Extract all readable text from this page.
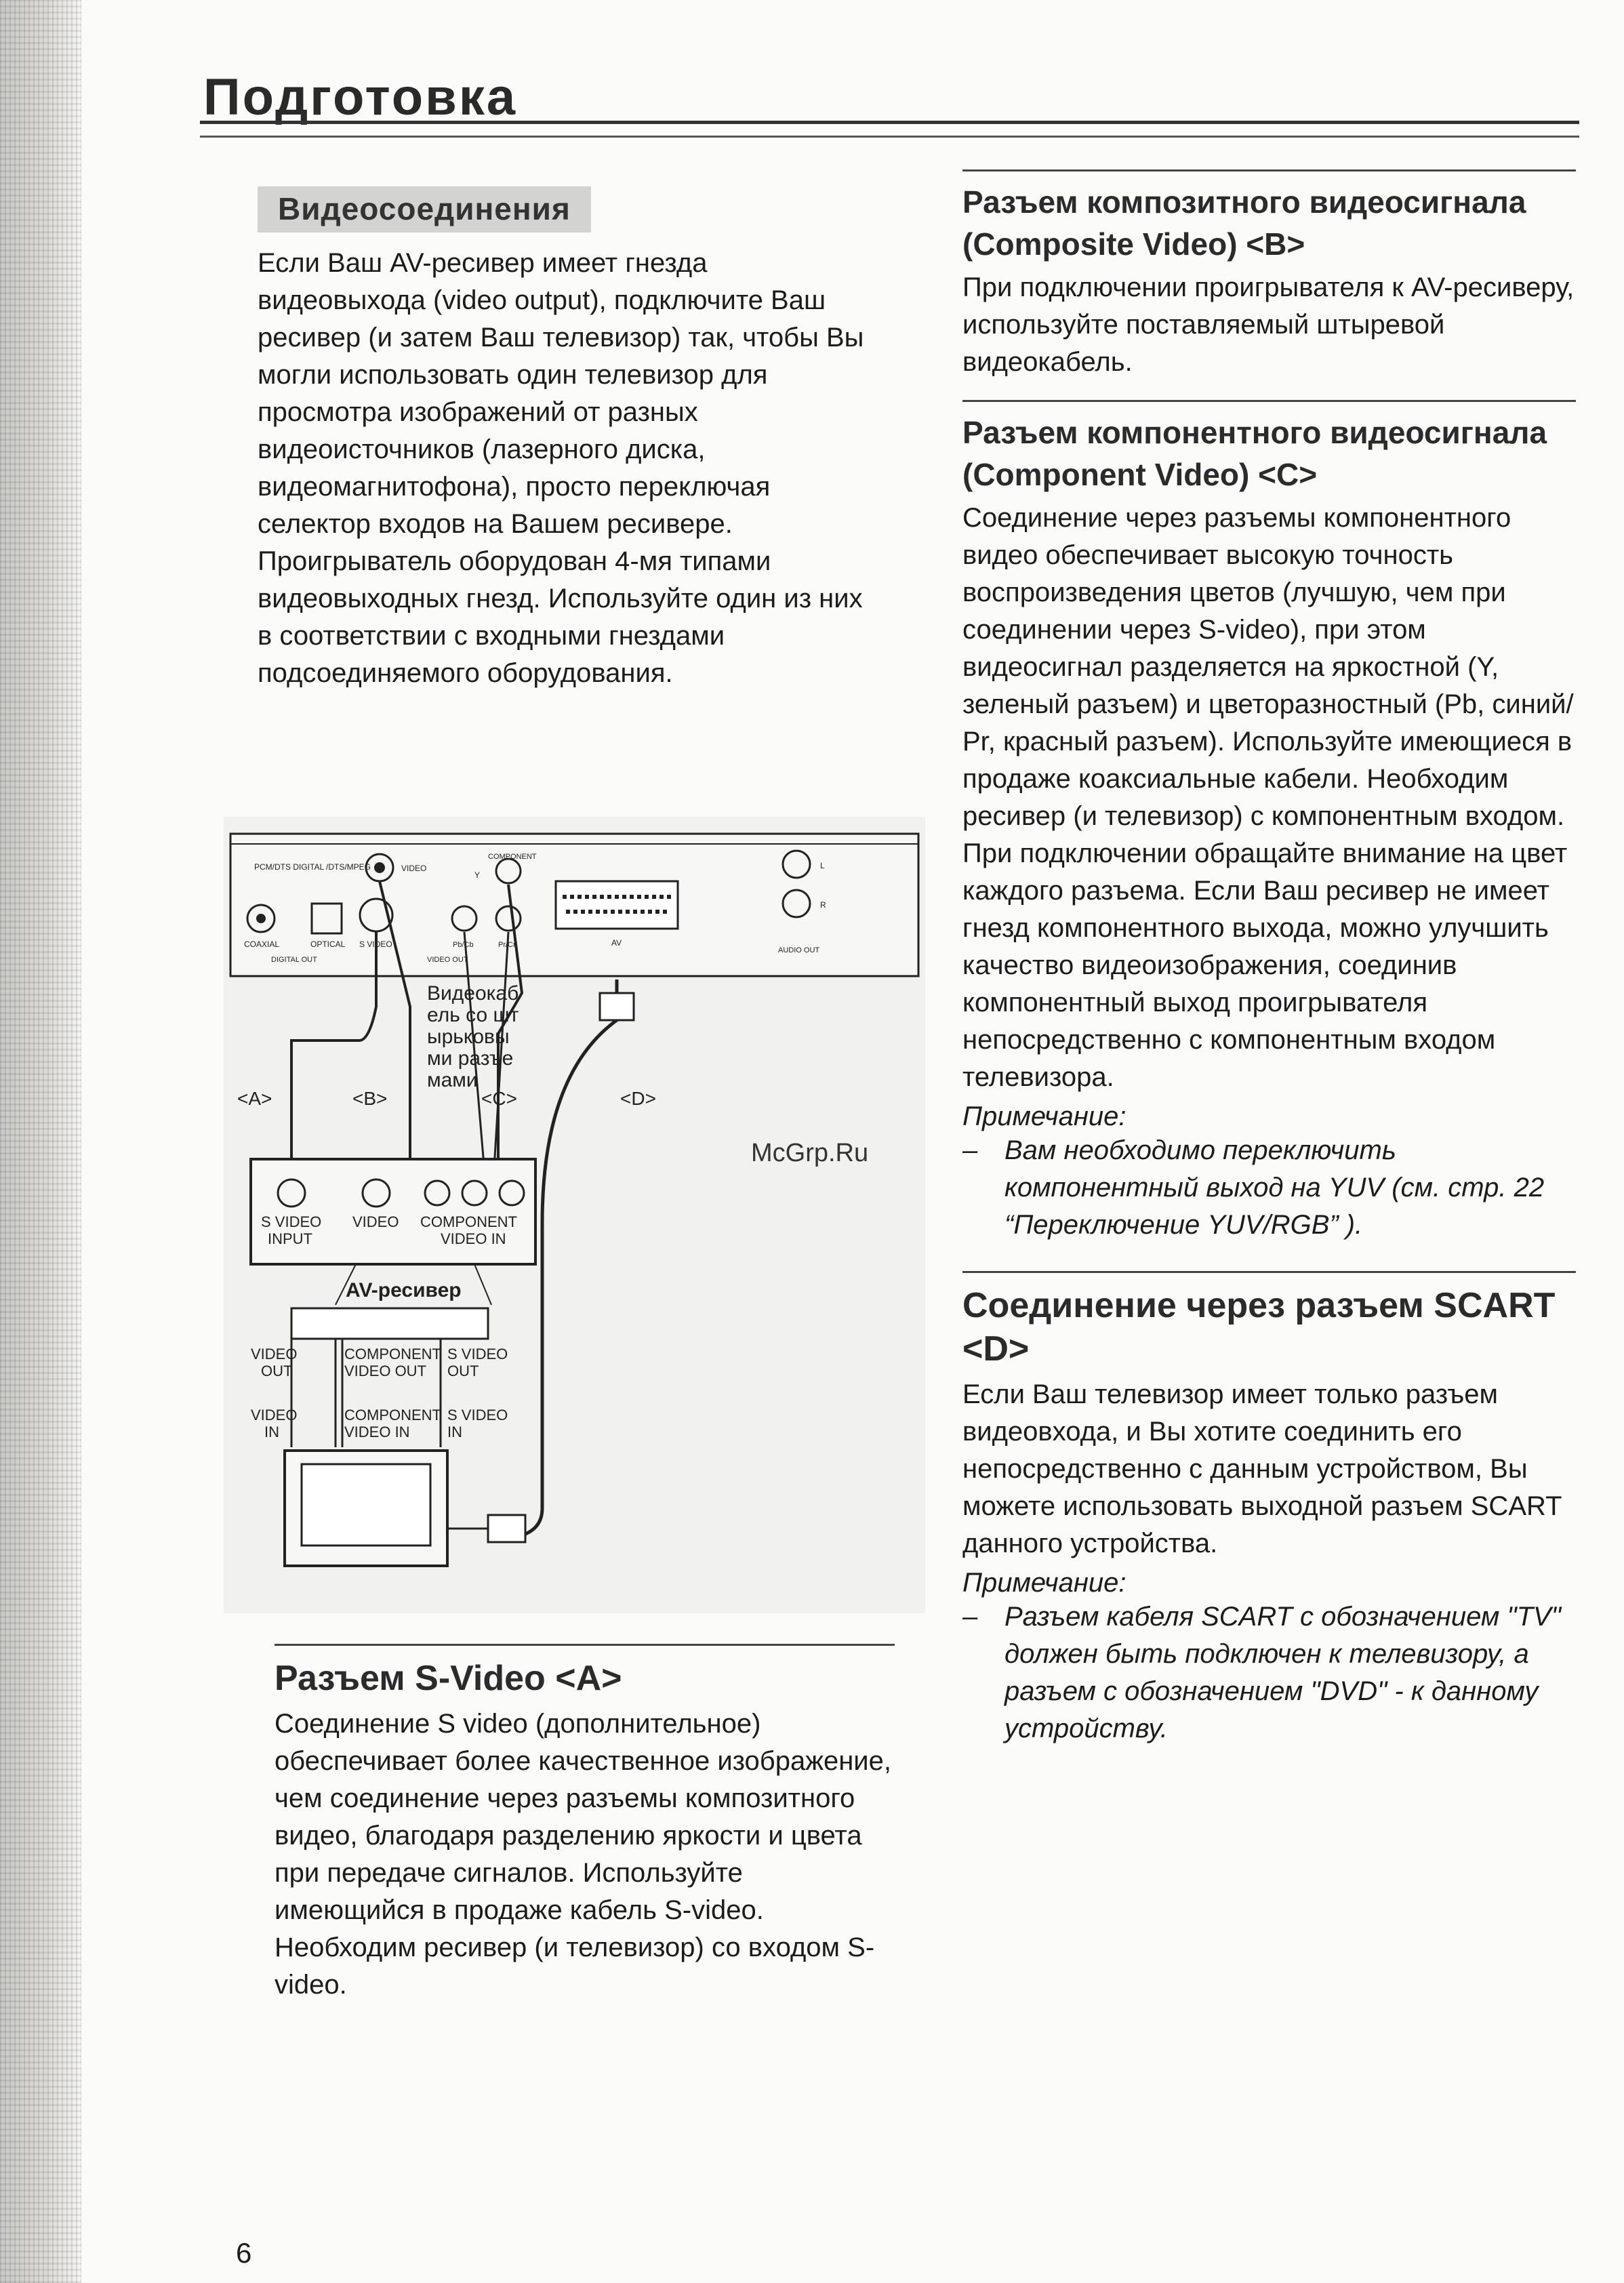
Подготовка
Видеосоединения
Если Ваш AV-ресивер имеет гнезда видеовыхода (video output), подключите Ваш ресивер (и затем Ваш телевизор) так, чтобы Вы могли использовать один телевизор для просмотра изображений от разных видеоисточников (лазерного диска, видеомагнитофона), просто переключая селектор входов на Вашем ресивере.
Проигрыватель оборудован 4-мя типами видеовыходных гнезд. Используйте один из них в соответствии с входными гнездами подсоединяемого оборудования.
PCM/DTS DIGITAL /DTS/MPEG
COAXIAL	OPTICAL
DIGITAL OUT
VIDEO
S VIDEO
COMPONENT
Y
Pb/Cb	Pr/Cr
VIDEO OUT
AV
L
R
AUDIO OUT
Видеокаб
ель со шт
ырьковы
ми разъе
мами
<A>	<B>	<C>	<D>
S VIDEO
INPUT
VIDEO COMPONENT
VIDEO IN
AV-ресивер
VIDEO
OUT
COMPONENT
VIDEO OUT
S VIDEO
OUT
VIDEO
IN
COMPONENT
VIDEO IN
S VIDEO
IN
McGrp.Ru
Разъем S-Video <A>
Соединение S video (дополнительное) обеспечивает более качественное изображение, чем соединение через разъемы композитного видео, благодаря разделению яркости и цвета при передаче сигналов. Используйте имеющийся в продаже кабель S-video. Необходим ресивер (и телевизор) со входом S-video.
Разъем композитного видеосигнала (Composite Video) <B>
При подключении проигрывателя к AV-ресиверу, используйте поставляемый штыревой видеокабель.
Разъем компонентного видеосигнала (Component Video) <C>
Соединение через разъемы компонентного видео обеспечивает высокую точность воспроизведения цветов (лучшую, чем при соединении через S-video), при этом видеосигнал разделяется на яркостной (Y, зеленый разъем) и цветоразностный (Pb, синий/ Pr, красный разъем). Используйте имеющиеся в продаже коаксиальные кабели. Необходим ресивер (и телевизор) с компонентным входом. При подключении обращайте внимание на цвет каждого разъема. Если Ваш ресивер не имеет гнезд компонентного выхода, можно улучшить качество видеоизображения, соединив компонентный выход проигрывателя непосредственно с компонентным входом телевизора.
Примечание:
– Вам необходимо переключить компонентный выход на YUV (см. стр. 22 “Переключение YUV/RGB” ).
Соединение через разъем SCART <D>
Если Ваш телевизор имеет только разъем видеовхода, и Вы хотите соединить его непосредственно с данным устройством, Вы можете использовать выходной разъем SCART данного устройства.
Примечание:
– Разъем кабеля SCART с обозначением "TV" должен быть подключен к телевизору, а разъем с обозначением "DVD" - к данному устройству.
6
